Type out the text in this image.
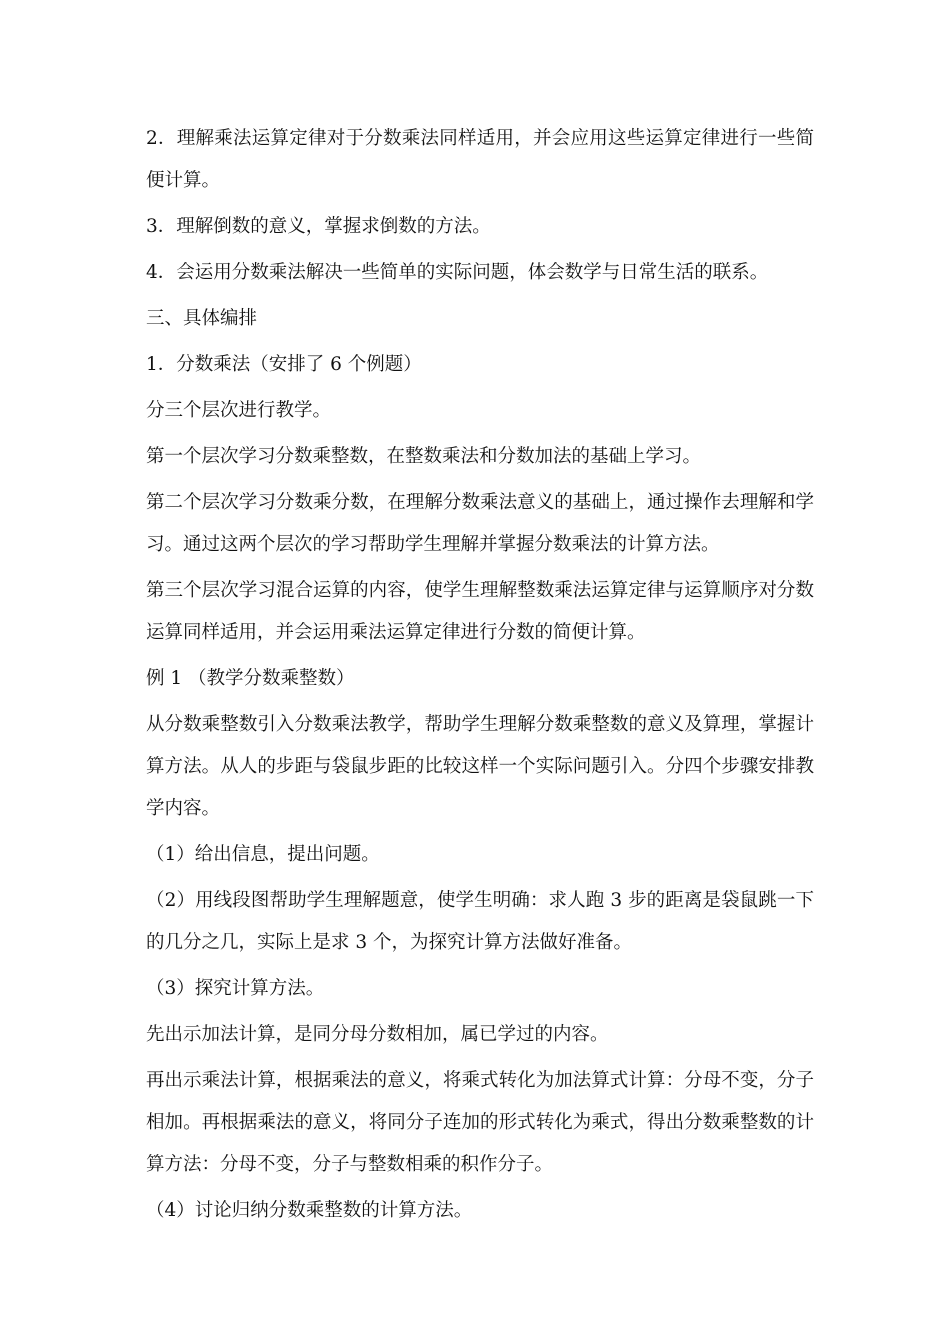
2．理解乘法运算定律对于分数乘法同样适用，并会应用这些运算定律进行一些简便计算。

3．理解倒数的意义，掌握求倒数的方法。

4．会运用分数乘法解决一些简单的实际问题，体会数学与日常生活的联系。

三、具体编排

1．分数乘法（安排了 6 个例题）

分三个层次进行教学。

第一个层次学习分数乘整数，在整数乘法和分数加法的基础上学习。

第二个层次学习分数乘分数，在理解分数乘法意义的基础上，通过操作去理解和学习。通过这两个层次的学习帮助学生理解并掌握分数乘法的计算方法。

第三个层次学习混合运算的内容，使学生理解整数乘法运算定律与运算顺序对分数运算同样适用，并会运用乘法运算定律进行分数的简便计算。

例 1 （教学分数乘整数）

从分数乘整数引入分数乘法教学，帮助学生理解分数乘整数的意义及算理，掌握计算方法。从人的步距与袋鼠步距的比较这样一个实际问题引入。分四个步骤安排教学内容。

（1）给出信息，提出问题。

（2）用线段图帮助学生理解题意，使学生明确：求人跑 3 步的距离是袋鼠跳一下的几分之几，实际上是求 3 个，为探究计算方法做好准备。

（3）探究计算方法。

先出示加法计算，是同分母分数相加，属已学过的内容。

再出示乘法计算，根据乘法的意义，将乘式转化为加法算式计算：分母不变，分子相加。再根据乘法的意义，将同分子连加的形式转化为乘式，得出分数乘整数的计算方法：分母不变，分子与整数相乘的积作分子。

（4）讨论归纳分数乘整数的计算方法。
